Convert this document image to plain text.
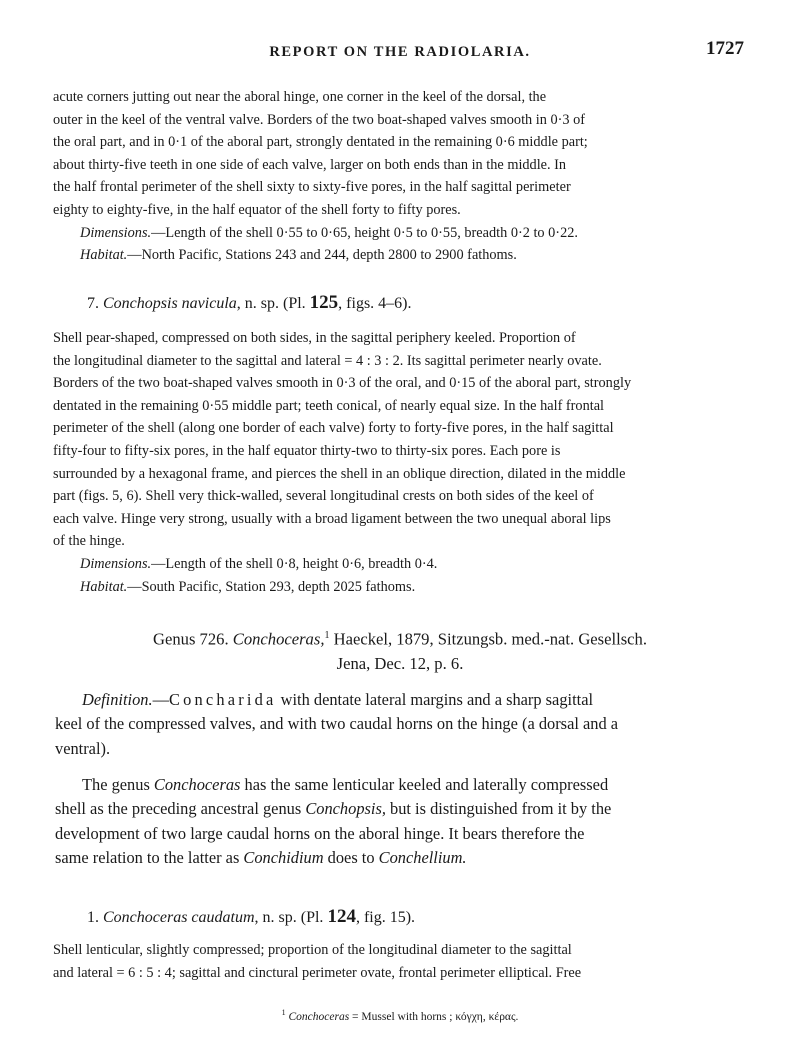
REPORT ON THE RADIOLARIA.	1727

acute corners jutting out near the aboral hinge, one corner in the keel of the dorsal, the

outer in the keel of the ventral valve. Borders of the two boat-shaped valves smooth in 0·3 of

the oral part, and in 0·1 of the aboral part, strongly dentated in the remaining 0·6 middle part;

about thirty-five teeth in one side of each valve, larger on both ends than in the middle. In

the half frontal perimeter of the shell sixty to sixty-five pores, in the half sagittal perimeter

eighty to eighty-five, in the half equator of the shell forty to fifty pores.

Dimensions.—Length of the shell 0·55 to 0·65, height 0·5 to 0·55, breadth 0·2 to 0·22.

Habitat.—North Pacific, Stations 243 and 244, depth 2800 to 2900 fathoms.

7. Conchopsis navicula, n. sp. (Pl. 125, figs. 4–6).

Shell pear-shaped, compressed on both sides, in the sagittal periphery keeled. Proportion of

the longitudinal diameter to the sagittal and lateral = 4 : 3 : 2. Its sagittal perimeter nearly ovate.

Borders of the two boat-shaped valves smooth in 0·3 of the oral, and 0·15 of the aboral part, strongly

dentated in the remaining 0·55 middle part; teeth conical, of nearly equal size. In the half frontal

perimeter of the shell (along one border of each valve) forty to forty-five pores, in the half sagittal

fifty-four to fifty-six pores, in the half equator thirty-two to thirty-six pores. Each pore is

surrounded by a hexagonal frame, and pierces the shell in an oblique direction, dilated in the middle

part (figs. 5, 6). Shell very thick-walled, several longitudinal crests on both sides of the keel of

each valve. Hinge very strong, usually with a broad ligament between the two unequal aboral lips

of the hinge.

Dimensions.—Length of the shell 0·8, height 0·6, breadth 0·4.

Habitat.—South Pacific, Station 293, depth 2025 fathoms.

Genus 726. Conchoceras,$^1$ Haeckel, 1879, Sitzungsb. med.-nat. Gesellsch.
Jena, Dec. 12, p. 6.
Definition.—Concharida with dentate lateral margins and a sharp sagittal
keel of the compressed valves, and with two caudal horns on the hinge (a dorsal and a
ventral).
The genus Conchoceras has the same lenticular keeled and laterally compressed
shell as the preceding ancestral genus Conchopsis, but is distinguished from it by the
development of two large caudal horns on the aboral hinge. It bears therefore the
same relation to the latter as Conchidium does to Conchellium.
1. Conchoceras caudatum, n. sp. (Pl. 124, fig. 15).

Shell lenticular, slightly compressed; proportion of the longitudinal diameter to the sagittal

and lateral = 6 : 5 : 4; sagittal and cinctural perimeter ovate, frontal perimeter elliptical. Free

$^1$ Conchoceras = Mussel with horns ; κόγχη, κέρας.
